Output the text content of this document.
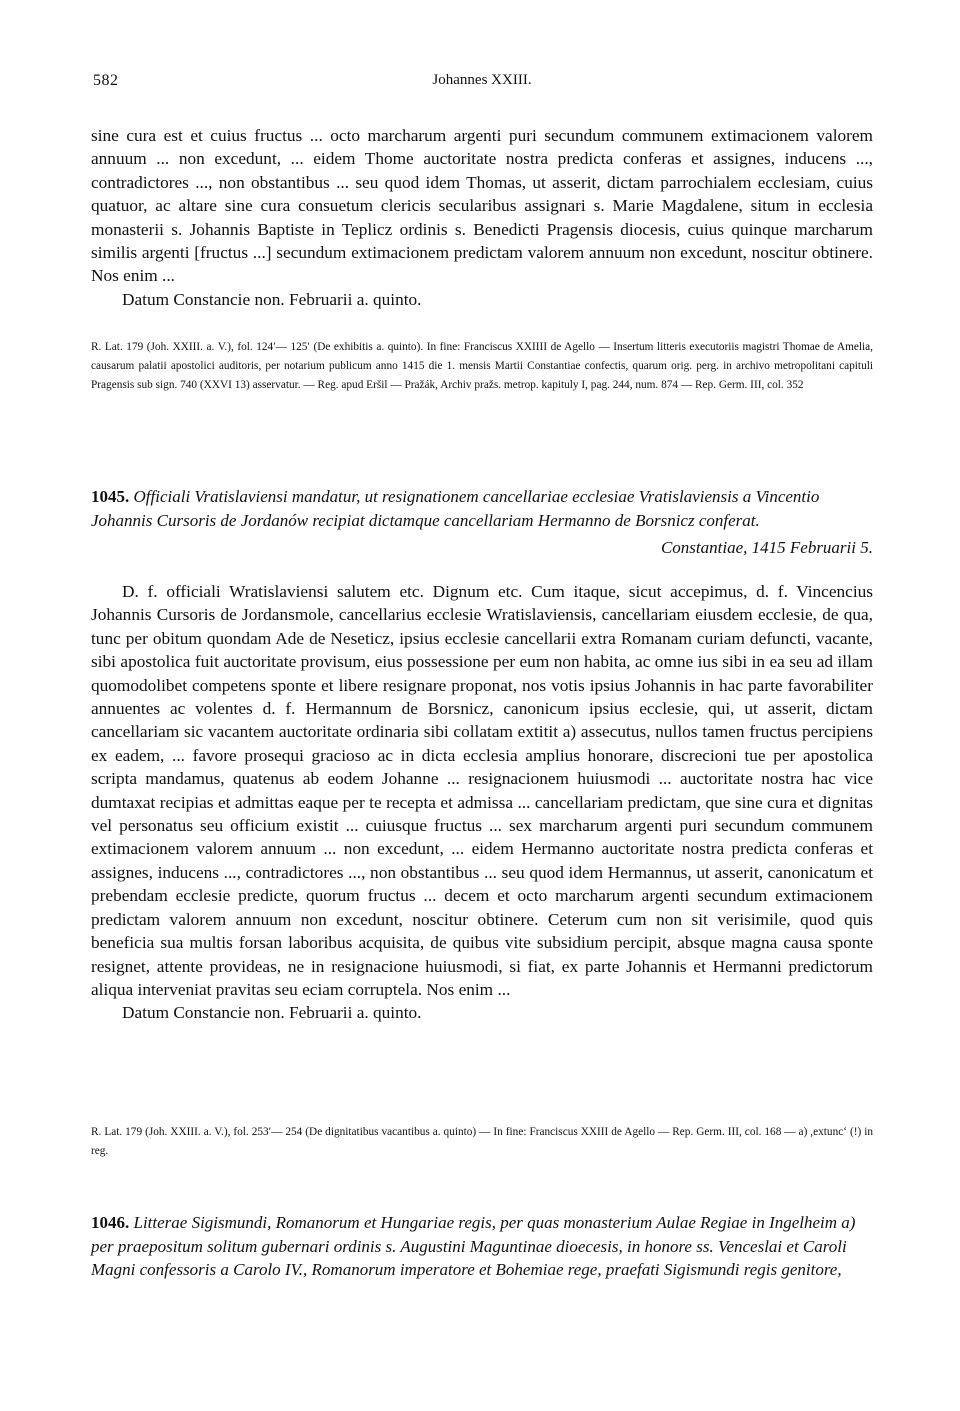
582	Johannes XXIII.

sine cura est et cuius fructus ... octo marcharum argenti puri secundum communem extimacionem valorem annuum ... non excedunt, ... eidem Thome auctoritate nostra predicta conferas et assignes, inducens ..., contradictores ..., non obstantibus ... seu quod idem Thomas, ut asserit, dictam parrochialem ecclesiam, cuius quatuor, ac altare sine cura consuetum clericis secularibus assignari s. Marie Magdalene, situm in ecclesia monasterii s. Johannis Baptiste in Teplicz ordinis s. Benedicti Pragensis diocesis, cuius quinque marcharum similis argenti [fructus ...] secundum extimacionem predictam valorem annuum non excedunt, noscitur obtinere. Nos enim ...

Datum Constancie non. Februarii a. quinto.

R. Lat. 179 (Joh. XXIII. a. V.), fol. 124′— 125′ (De exhibitis a. quinto). In fine: Franciscus XXIIII de Agello — Insertum litteris executoriis magistri Thomae de Amelia, causarum palatii apostolici auditoris, per notarium publicum anno 1415 die 1. mensis Martii Constantiae confectis, quarum orig. perg. in archivo metropolitani capituli Pragensis sub sign. 740 (XXVI 13) asservatur. — Reg. apud Eršil — Pražák, Archiv pražs. metrop. kapituly I, pag. 244, num. 874 — Rep. Germ. III, col. 352

1045. Officiali Vratislaviensi mandatur, ut resignationem cancellariae ecclesiae Vratislaviensis a Vincentio Johannis Cursoris de Jordanów recipiat dictamque cancellariam Hermanno de Borsnicz conferat.
Constantiae, 1415 Februarii 5.

D. f. officiali Wratislaviensi salutem etc. Dignum etc. Cum itaque, sicut accepimus, d. f. Vincencius Johannis Cursoris de Jordansmole, cancellarius ecclesie Wratislaviensis, cancellariam eiusdem ecclesie, de qua, tunc per obitum quondam Ade de Neseticz, ipsius ecclesie cancellarii extra Romanam curiam defuncti, vacante, sibi apostolica fuit auctoritate provisum, eius possessione per eum non habita, ac omne ius sibi in ea seu ad illam quomodolibet competens sponte et libere resignare proponat, nos votis ipsius Johannis in hac parte favorabiliter annuentes ac volentes d. f. Hermannum de Borsnicz, canonicum ipsius ecclesie, qui, ut asserit, dictam cancellariam sic vacantem auctoritate ordinaria sibi collatam extitit a) assecutus, nullos tamen fructus percipiens ex eadem, ... favore prosequi gracioso ac in dicta ecclesia amplius honorare, discrecioni tue per apostolica scripta mandamus, quatenus ab eodem Johanne ... resignacionem huiusmodi ... auctoritate nostra hac vice dumtaxat recipias et admittas eaque per te recepta et admissa ... cancellariam predictam, que sine cura et dignitas vel personatus seu officium existit ... cuiusque fructus ... sex marcharum argenti puri secundum communem extimacionem valorem annuum ... non excedunt, ... eidem Hermanno auctoritate nostra predicta conferas et assignes, inducens ..., contradictores ..., non obstantibus ... seu quod idem Hermannus, ut asserit, canonicatum et prebendam ecclesie predicte, quorum fructus ... decem et octo marcharum argenti secundum extimacionem predictam valorem annuum non excedunt, noscitur obtinere. Ceterum cum non sit verisimile, quod quis beneficia sua multis forsan laboribus acquisita, de quibus vite subsidium percipit, absque magna causa sponte resignet, attente provideas, ne in resignacione huiusmodi, si fiat, ex parte Johannis et Hermanni predictorum aliqua interveniat pravitas seu eciam corruptela. Nos enim ...

Datum Constancie non. Februarii a. quinto.

R. Lat. 179 (Joh. XXIII. a. V.), fol. 253′— 254 (De dignitatibus vacantibus a. quinto) — In fine: Franciscus XXIII de Agello — Rep. Germ. III, col. 168 — a) ,extunc‘ (!) in reg.

1046. Litterae Sigismundi, Romanorum et Hungariae regis, per quas monasterium Aulae Regiae in Ingelheim a) per praepositum solitum gubernari ordinis s. Augustini Maguntinae dioecesis, in honore ss. Venceslai et Caroli Magni confessoris a Carolo IV., Romanorum imperatore et Bohemiae rege, praefati Sigismundi regis genitore,
